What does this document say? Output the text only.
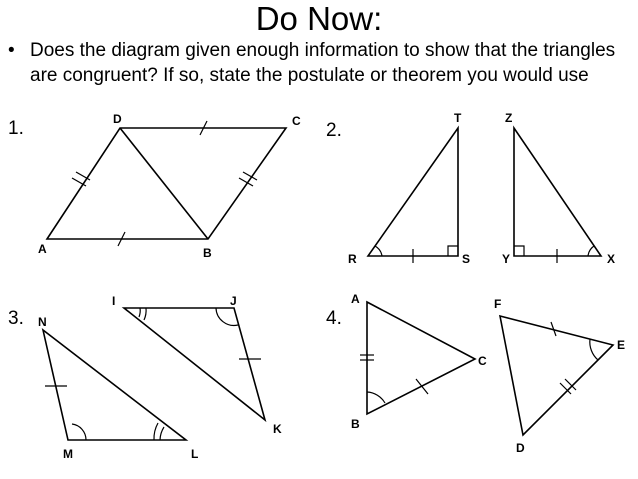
Do Now:
• Does the diagram given enough information to show that the triangles are congruent? If so, state the postulate or theorem you would use
1.	2.
3.	4.
D	C
A	B
T	Z
R	S	Y	X
I	J
K
N
M	L
A
B
C
F
E
D
